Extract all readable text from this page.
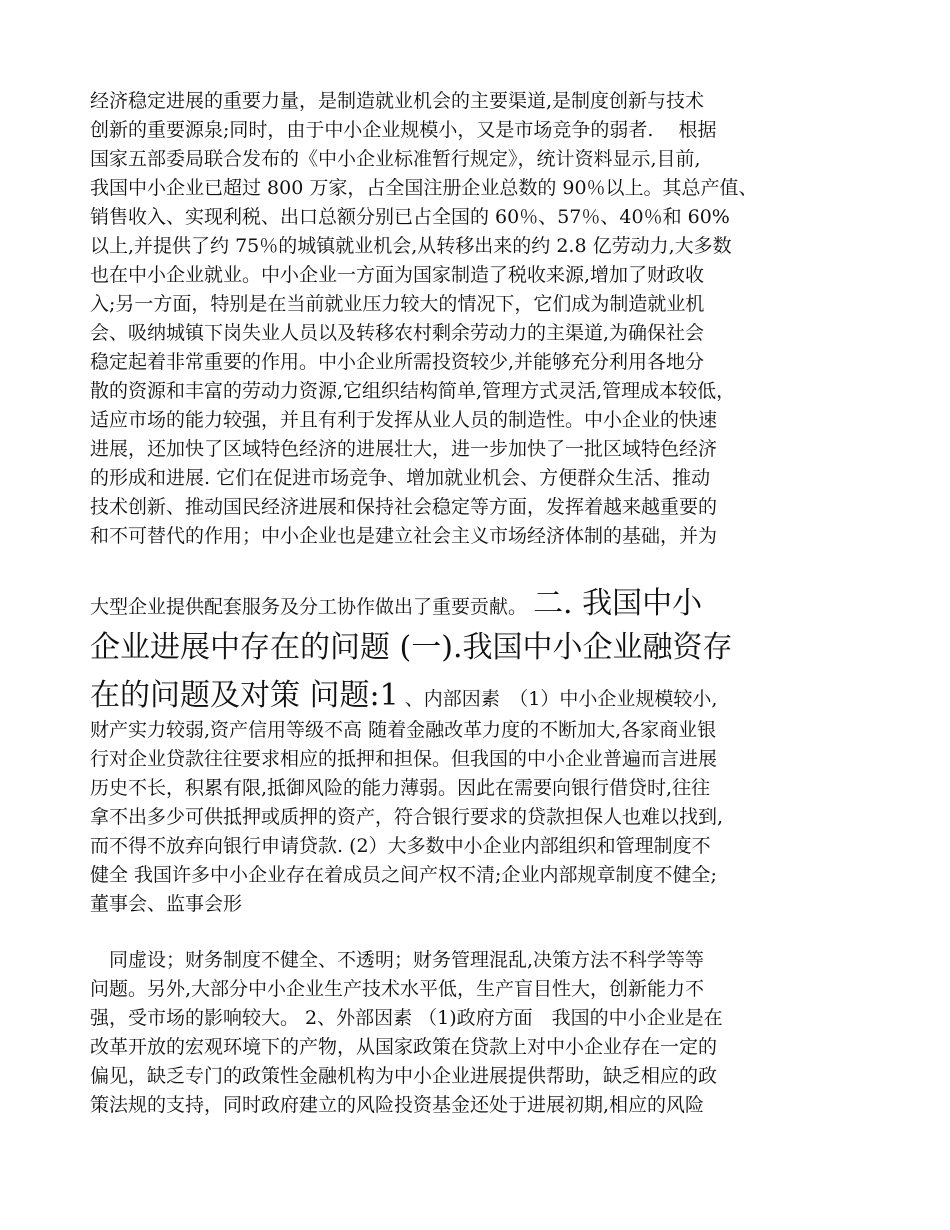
经济稳定进展的重要力量，是制造就业机会的主要渠道,是制度创新与技术
创新的重要源泉;同时，由于中小企业规模小，又是市场竞争的弱者.　 根据
国家五部委局联合发布的《中小企业标准暂行规定》，统计资料显示,目前,
我国中小企业已超过 800 万家，占全国注册企业总数的 90％以上。其总产值、
销售收入、实现利税、出口总额分别已占全国的 60％、57％、40％和 60%
以上,并提供了约 75％的城镇就业机会,从转移出来的约 2.8 亿劳动力,大多数
也在中小企业就业。中小企业一方面为国家制造了税收来源,增加了财政收
入;另一方面，特别是在当前就业压力较大的情况下，它们成为制造就业机
会、吸纳城镇下岗失业人员以及转移农村剩余劳动力的主渠道,为确保社会
稳定起着非常重要的作用。中小企业所需投资较少,并能够充分利用各地分
散的资源和丰富的劳动力资源,它组织结构简单,管理方式灵活,管理成本较低，
适应市场的能力较强，并且有利于发挥从业人员的制造性。中小企业的快速
进展，还加快了区域特色经济的进展壮大，进一步加快了一批区域特色经济
的形成和进展. 它们在促进市场竞争、增加就业机会、方便群众生活、推动
技术创新、推动国民经济进展和保持社会稳定等方面，发挥着越来越重要的
和不可替代的作用；中小企业也是建立社会主义市场经济体制的基础，并为
大型企业提供配套服务及分工协作做出了重要贡献。 二. 我国中小
企业进展中存在的问题 (一).我国中小企业融资存
在的问题及对策 问题:1 、内部因素　（1）中小企业规模较小,
财产实力较弱,资产信用等级不高 随着金融改革力度的不断加大,各家商业银
行对企业贷款往往要求相应的抵押和担保。但我国的中小企业普遍而言进展
历史不长，积累有限,抵御风险的能力薄弱。因此在需要向银行借贷时,往往
拿不出多少可供抵押或质押的资产，符合银行要求的贷款担保人也难以找到,
而不得不放弃向银行申请贷款. (2）大多数中小企业内部组织和管理制度不
健全 我国许多中小企业存在着成员之间产权不清;企业内部规章制度不健全;
董事会、监事会形
　同虚设；财务制度不健全、不透明；财务管理混乱,决策方法不科学等等
问题。另外,大部分中小企业生产技术水平低，生产盲目性大，创新能力不
强，受市场的影响较大。 2、外部因素 （1)政府方面　我国的中小企业是在
改革开放的宏观环境下的产物，从国家政策在贷款上对中小企业存在一定的
偏见，缺乏专门的政策性金融机构为中小企业进展提供帮助，缺乏相应的政
策法规的支持，同时政府建立的风险投资基金还处于进展初期,相应的风险
